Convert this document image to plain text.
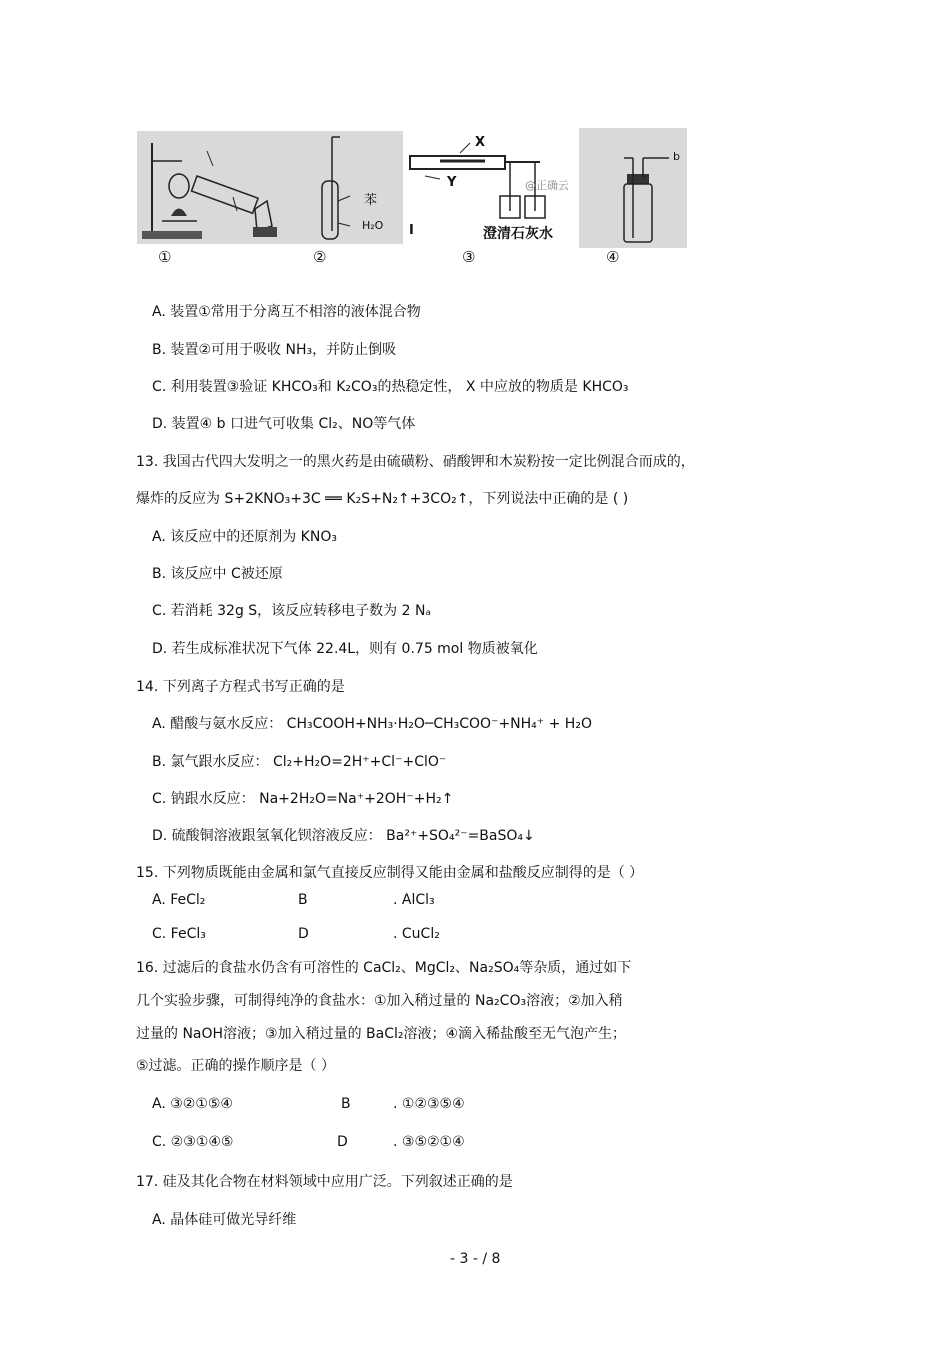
苯
H₂O
X
Y	@正确云
I	澄清石灰水
b
①	②	③	④
A. 装置①常用于分离互不相溶的液体混合物
B. 装置②可用于吸收 NH₃，并防止倒吸
C. 利用装置③验证 KHCO₃和 K₂CO₃的热稳定性， X 中应放的物质是 KHCO₃
D. 装置④ b 口进气可收集 Cl₂、NO等气体
13. 我国古代四大发明之一的黑火药是由硫磺粉、硝酸钾和木炭粉按一定比例混合而成的，
爆炸的反应为 S+2KNO₃+3C ══ K₂S+N₂↑+3CO₂↑，下列说法中正确的是 ( )
A. 该反应中的还原剂为 KNO₃
B. 该反应中 C被还原
C. 若消耗 32g S，该反应转移电子数为 2 Nₐ
D. 若生成标准状况下气体 22.4L，则有 0.75 mol 物质被氧化
14. 下列离子方程式书写正确的是
A. 醋酸与氨水反应： CH₃COOH+NH₃·H₂O─CH₃COO⁻+NH₄⁺ + H₂O
B. 氯气跟水反应： Cl₂+H₂O=2H⁺+Cl⁻+ClO⁻
C. 钠跟水反应： Na+2H₂O=Na⁺+2OH⁻+H₂↑
D. 硫酸铜溶液跟氢氧化钡溶液反应： Ba²⁺+SO₄²⁻=BaSO₄↓
15. 下列物质既能由金属和氯气直接反应制得又能由金属和盐酸反应制得的是（ ）
A. FeCl₂	B	. AlCl₃
C. FeCl₃	D	. CuCl₂
16. 过滤后的食盐水仍含有可溶性的 CaCl₂、MgCl₂、Na₂SO₄等杂质，通过如下
几个实验步骤，可制得纯净的食盐水：①加入稍过量的 Na₂CO₃溶液；②加入稍
过量的 NaOH溶液；③加入稍过量的 BaCl₂溶液；④滴入稀盐酸至无气泡产生；
⑤过滤。正确的操作顺序是（ ）
A. ③②①⑤④	B	. ①②③⑤④
C. ②③①④⑤	D	. ③⑤②①④
17. 硅及其化合物在材料领域中应用广泛。下列叙述正确的是
A. 晶体硅可做光导纤维
- 3 - / 8
